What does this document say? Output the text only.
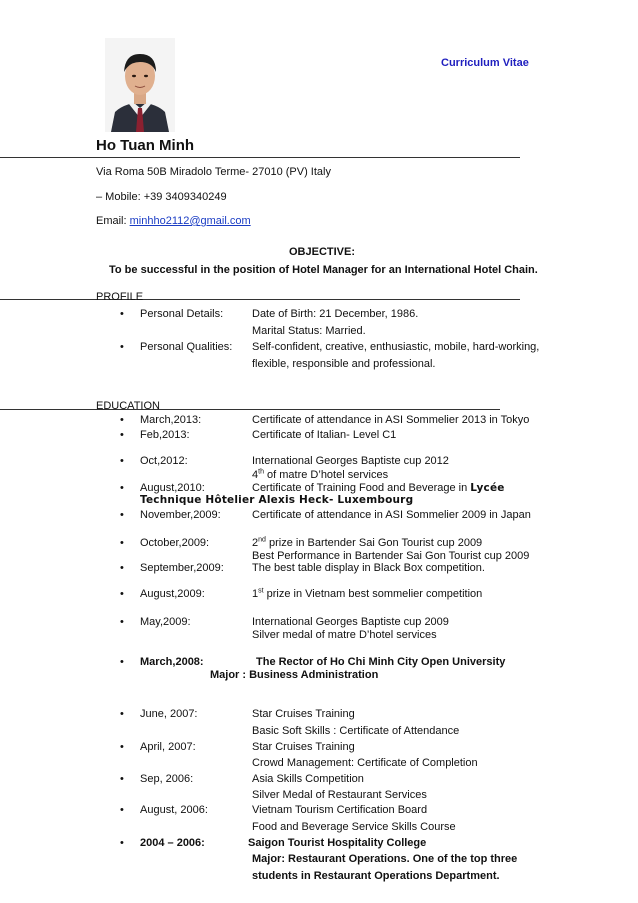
Curriculum Vitae
Ho Tuan Minh
Via Roma 50B Miradolo Terme- 27010 (PV) Italy
– Mobile: +39 3409340249
Email: minhho2112@gmail.com
OBJECTIVE:
To be successful in the position of Hotel Manager for an International Hotel Chain.
PROFILE
• Personal Details:	Date of Birth: 21 December, 1986.
Marital Status: Married.
• Personal Qualities: Self-confident, creative, enthusiastic, mobile, hard-working,
flexible, responsible and professional.
EDUCATION
• March,2013:	Certificate of attendance in ASI Sommelier 2013 in Tokyo
• Feb,2013:	Certificate of Italian- Level C1
• Oct,2012:	International Georges Baptiste cup 2012
4th of matre D’hotel services
• August,2010:	Certificate of Training Food and Beverage in Lycée
Technique Hôtelier Alexis Heck- Luxembourg
• November,2009:	Certificate of attendance in ASI Sommelier 2009 in Japan
• October,2009:	2nd prize in Bartender Sai Gon Tourist cup 2009
Best Performance in Bartender Sai Gon Tourist cup 2009
• September,2009:	The best table display in Black Box competition.
• August,2009:	1st prize in Vietnam best sommelier competition
• May,2009:	International Georges Baptiste cup 2009
Silver medal of matre D’hotel services
• March,2008:	The Rector of Ho Chi Minh City Open University
Major : Business Administration
• June, 2007:	Star Cruises Training
Basic Soft Skills : Certificate of Attendance
• April, 2007:	Star Cruises Training
Crowd Management: Certificate of Completion
• Sep, 2006:	Asia Skills Competition
Silver Medal of Restaurant Services
• August, 2006:	Vietnam Tourism Certification Board
Food and Beverage Service Skills Course
• 2004 – 2006:	Saigon Tourist Hospitality College
Major: Restaurant Operations. One of the top three
students in Restaurant Operations Department.
